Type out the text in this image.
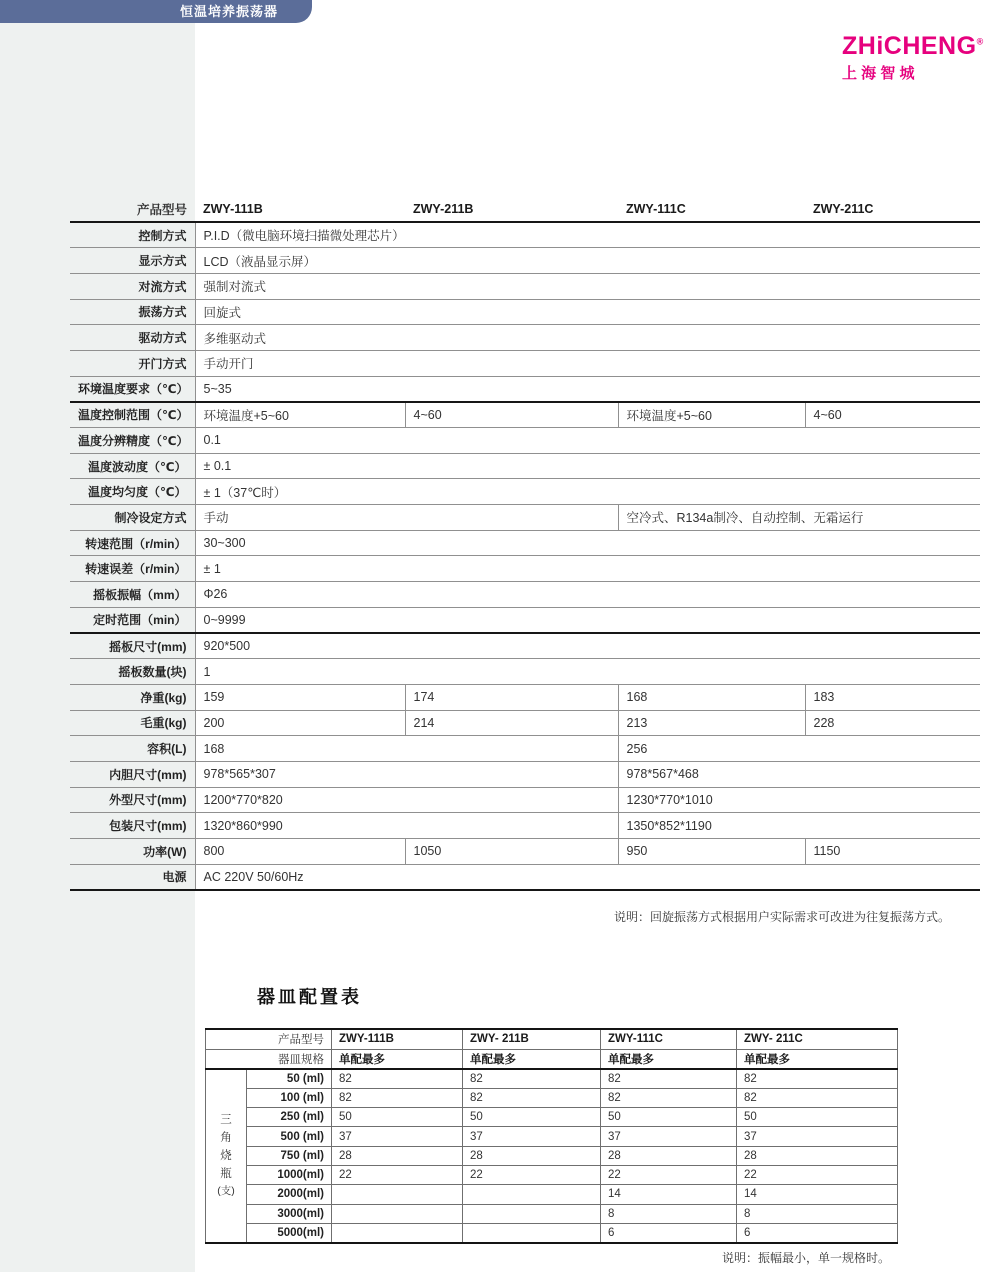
恒温培养振荡器
ZHiCHENG®
上 海 智 城
产品型号	ZWY-111B	ZWY-211B	ZWY-111C	ZWY-211C
控制方式	P.I.D（微电脑环境扫描微处理芯片）			
显示方式	LCD（液晶显示屏）			
对流方式	强制对流式			
振荡方式	回旋式			
驱动方式	多维驱动式			
开门方式	手动开门			
环境温度要求（℃）	5~35			
温度控制范围（℃）	环境温度+5~60	4~60	环境温度+5~60	4~60
温度分辨精度（℃）	0.1			
温度波动度（℃）	± 0.1			
温度均匀度（℃）	± 1（37℃时）			
制冷设定方式	手动		空冷式、R134a制冷、自动控制、无霜运行	
转速范围（r/min）	30~300			
转速误差（r/min）	± 1			
摇板振幅（mm）	Φ26			
定时范围（min）	0~9999			
摇板尺寸(mm)	920*500			
摇板数量(块)	1			
净重(kg)	159	174	168	183
毛重(kg)	200	214	213	228
容积(L)	168		256	
内胆尺寸(mm)	978*565*307		978*567*468	
外型尺寸(mm)	1200*770*820		1230*770*1010	
包装尺寸(mm)	1320*860*990		1350*852*1190	
功率(W)	800	1050	950	1150
电源	AC 220V 50/60Hz			
说明：回旋振荡方式根据用户实际需求可改进为往复振荡方式。
器皿配置表
产品型号		ZWY-111B	ZWY- 211B	ZWY-111C	ZWY- 211C
器皿规格		单配最多	单配最多	单配最多	单配最多

三
角
烧
瓶
(支)	50 (ml)	82	82	82	82
	100 (ml)	82	82	82	82
	250 (ml)	50	50	50	50
	500 (ml)	37	37	37	37
	750 (ml)	28	28	28	28
	1000(ml)	22	22	22	22
	2000(ml)			14	14
	3000(ml)			8	8
	5000(ml)			6	6
说明：振幅最小，单一规格时。
